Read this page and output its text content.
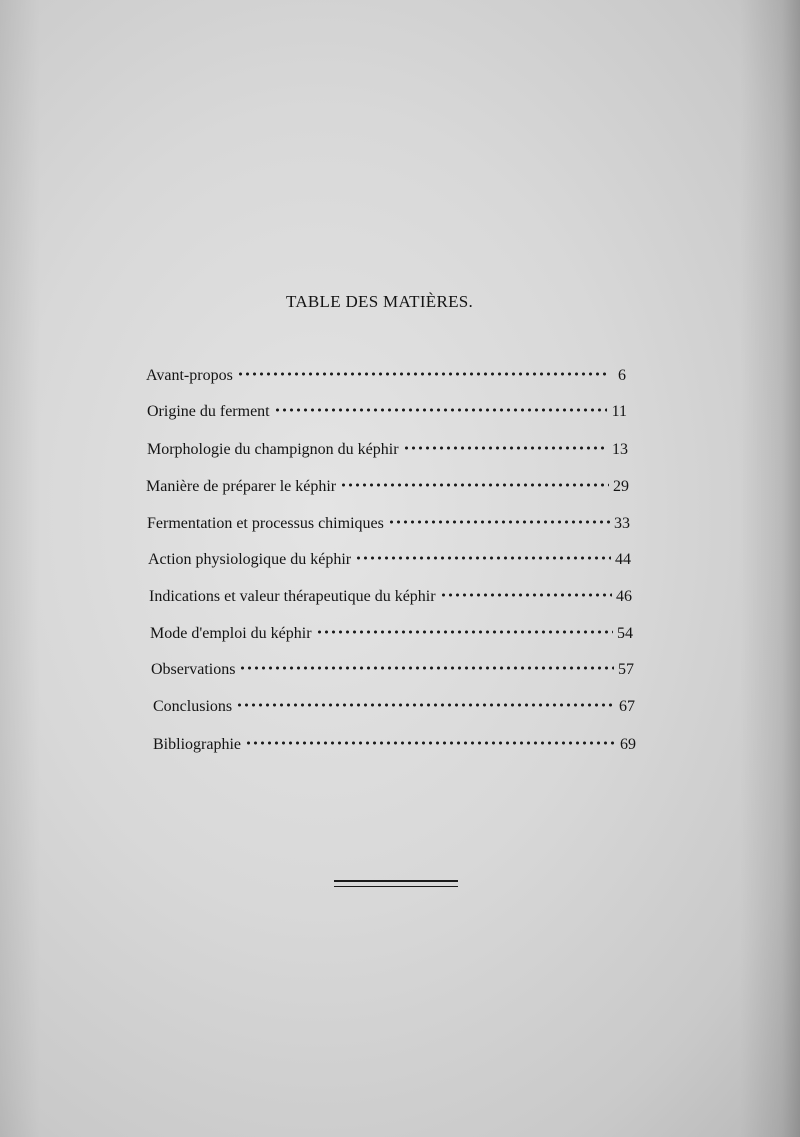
TABLE DES MATIÈRES.
Avant-propos	6
Origine du ferment	11
Morphologie du champignon du képhir	13
Manière de préparer le képhir	29
Fermentation et processus chimiques	33
Action physiologique du képhir	44
Indications et valeur thérapeutique du képhir	46
Mode d'emploi du képhir	54
Observations	57
Conclusions	67
Bibliographie	69
